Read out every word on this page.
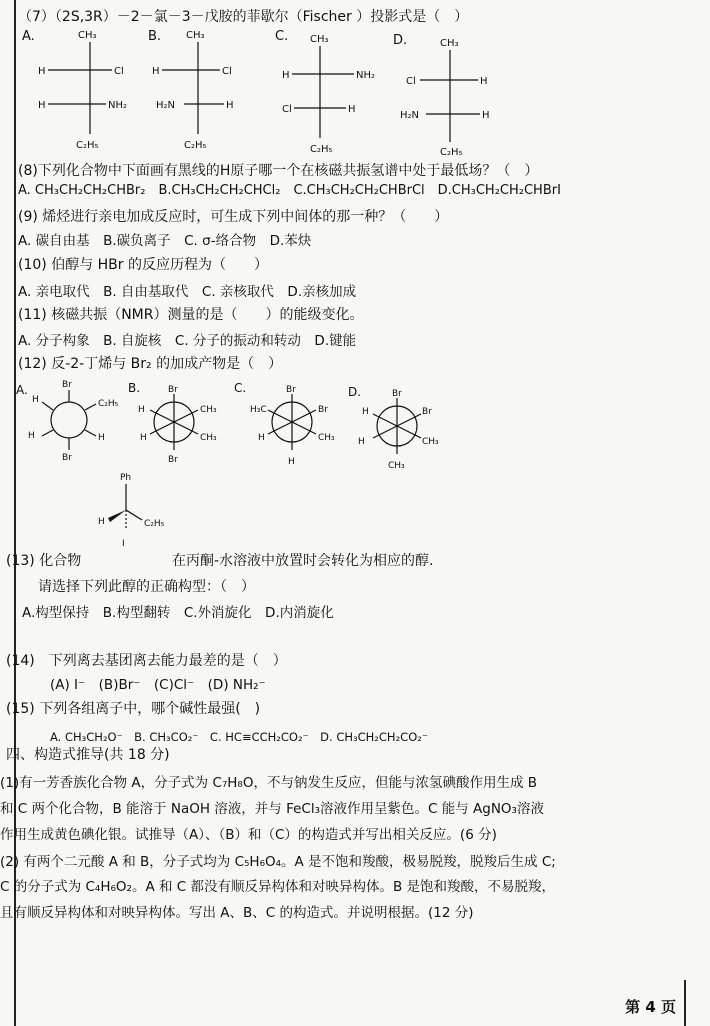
（7）（2S,3R）－2－氯－3－戊胺的菲歇尔（Fischer ）投影式是（　）
A.	B.	C.	D.
CH₃
H	Cl
H	NH₂
C₂H₅
CH₃
H	Cl
H₂N	H
C₂H₅
CH₃
H	NH₂
Cl	H
C₂H₅
CH₃
Cl	H
H₂N	H
C₂H₅
(8)下列化合物中下面画有黑线的H原子哪一个在核磁共振氢谱中处于最低场？（　）
A. CH₃CH₂CH₂CHBr₂　B.CH₃CH₂CH₂CHCl₂　C.CH₃CH₂CH₂CHBrCl　D.CH₃CH₂CH₂CHBrI
(9) 烯烃进行亲电加成反应时，可生成下列中间体的那一种？（　　）
A. 碳自由基　B.碳负离子　C. σ-络合物　D.苯炔
(10) 伯醇与 HBr 的反应历程为（　　）
A. 亲电取代　B. 自由基取代　C. 亲核取代　D.亲核加成
(11) 核磁共振（NMR）测量的是（　　）的能级变化。
A. 分子构象　B. 自旋核　C. 分子的振动和转动　D.键能
(12) 反-2-丁烯与 Br₂ 的加成产物是（　）
A.	B.	C.	D.
Br
C₂H₅
H
H	H
Br
Br
H	CH₃
H	CH₃
Br
Br
H₃C	Br
H	CH₃
H
Br
H	Br
H	CH₃
CH₃
Ph
C₂H₅
H
I
(13) 化合物	在丙酮-水溶液中放置时会转化为相应的醇.
请选择下列此醇的正确构型：（　）
A.构型保持　B.构型翻转　C.外消旋化　D.内消旋化
(14)　下列离去基团离去能力最差的是（　）
(A) I⁻　(B)Br⁻　(C)Cl⁻　(D) NH₂⁻
(15) 下列各组离子中，哪个碱性最强(　)
A. CH₃CH₂O⁻　B. CH₃CO₂⁻　C. HC≡CCH₂CO₂⁻　D. CH₃CH₂CH₂CO₂⁻
四、构造式推导(共 18 分)
(1)有一芳香族化合物 A，分子式为 C₇H₈O，不与钠发生反应，但能与浓氢碘酸作用生成 B
和 C 两个化合物，B 能溶于 NaOH 溶液，并与 FeCl₃溶液作用呈紫色。C 能与 AgNO₃溶液
作用生成黄色碘化银。试推导（A）、（B）和（C）的构造式并写出相关反应。(6 分)
(2) 有两个二元酸 A 和 B，分子式均为 C₅H₆O₄。A 是不饱和羧酸，极易脱羧，脱羧后生成 C;
C 的分子式为 C₄H₆O₂。A 和 C 都没有顺反异构体和对映异构体。B 是饱和羧酸，不易脱羧，
且有顺反异构体和对映异构体。写出 A、B、C 的构造式。并说明根据。(12 分)
第 4 页
